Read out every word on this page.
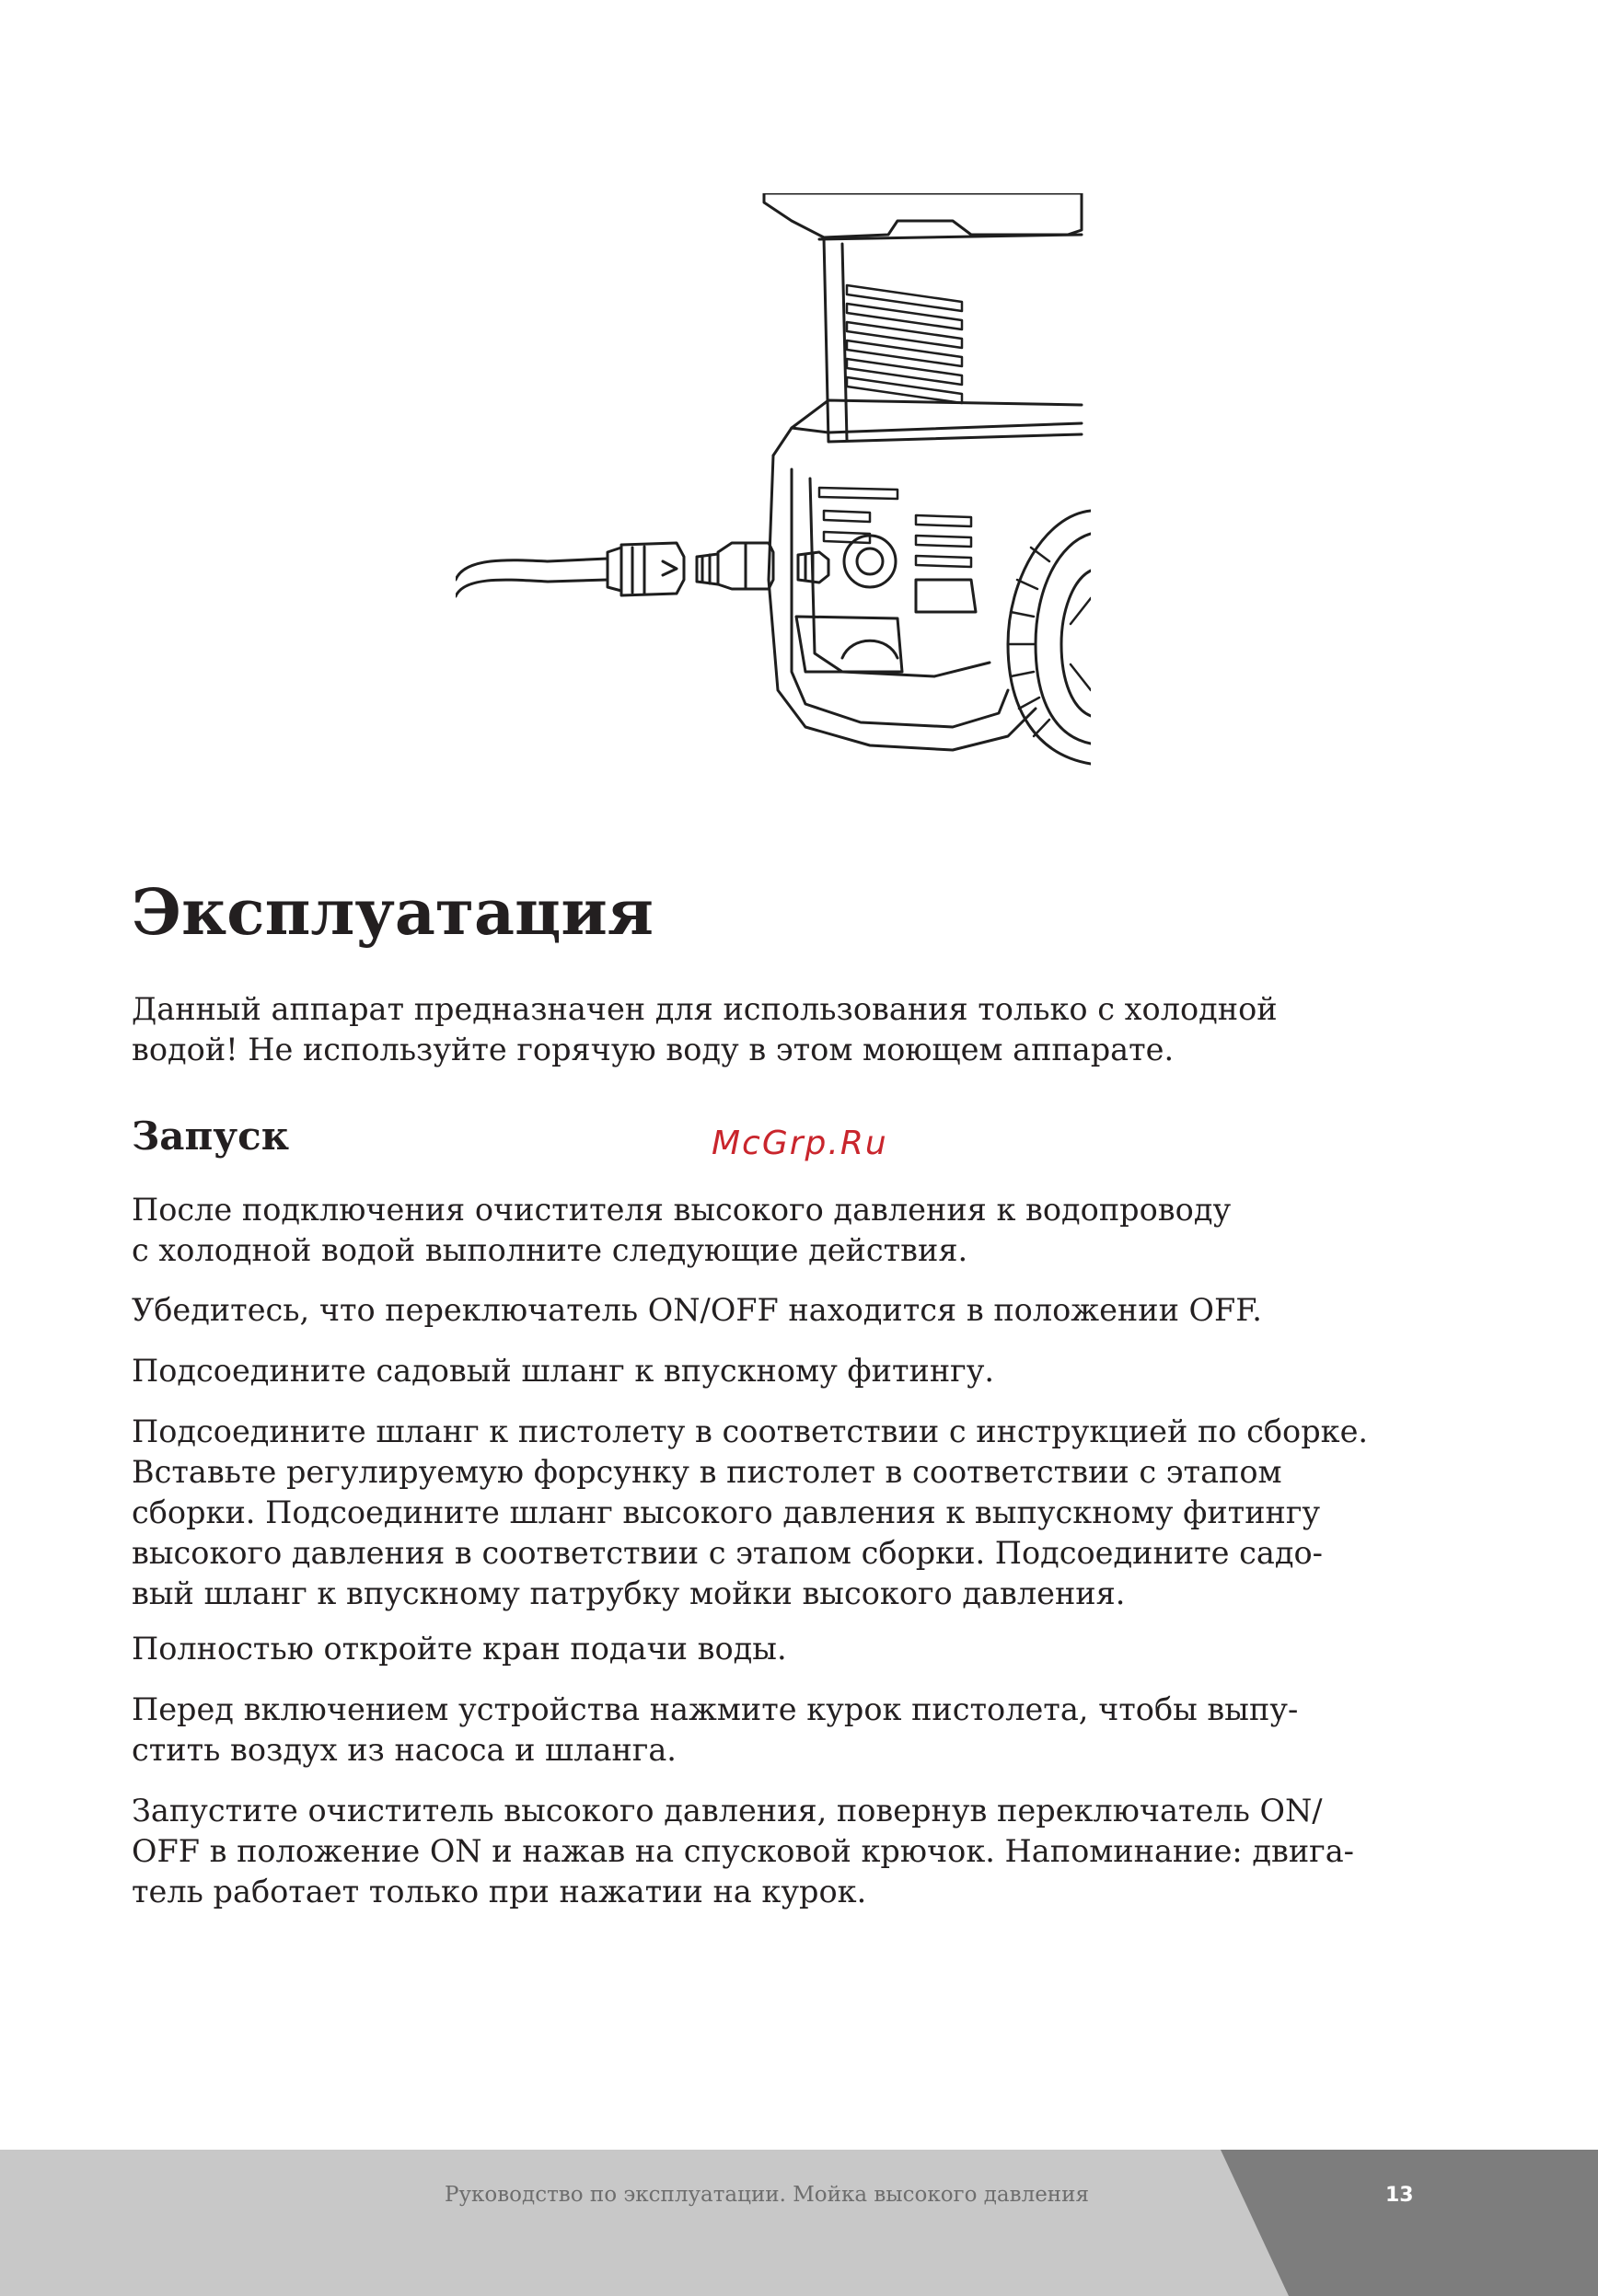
Эксплуатация

Данный аппарат предназначен для использования только с холодной
водой! Не используйте горячую воду в этом моющем аппарате.

Запуск	McGrp.Ru

После подключения очистителя высокого давления к водопроводу
с холодной водой выполните следующие действия.

Убедитесь, что переключатель ON/OFF находится в положении OFF.

Подсоедините садовый шланг к впускному фитингу.

Подсоедините шланг к пистолету в соответствии с инструкцией по сборке.
Вставьте регулируемую форсунку в пистолет в соответствии с этапом
сборки. Подсоедините шланг высокого давления к выпускному фитингу
высокого давления в соответствии с этапом сборки. Подсоедините садо-
вый шланг к впускному патрубку мойки высокого давления.

Полностью откройте кран подачи воды.

Перед включением устройства нажмите курок пистолета, чтобы выпу-
стить воздух из насоса и шланга.

Запустите очиститель высокого давления, повернув переключатель ON/
OFF в положение ON и нажав на спусковой крючок. Напоминание: двига-
тель работает только при нажатии на курок.

Руководство по эксплуатации. Мойка высокого давления	13
